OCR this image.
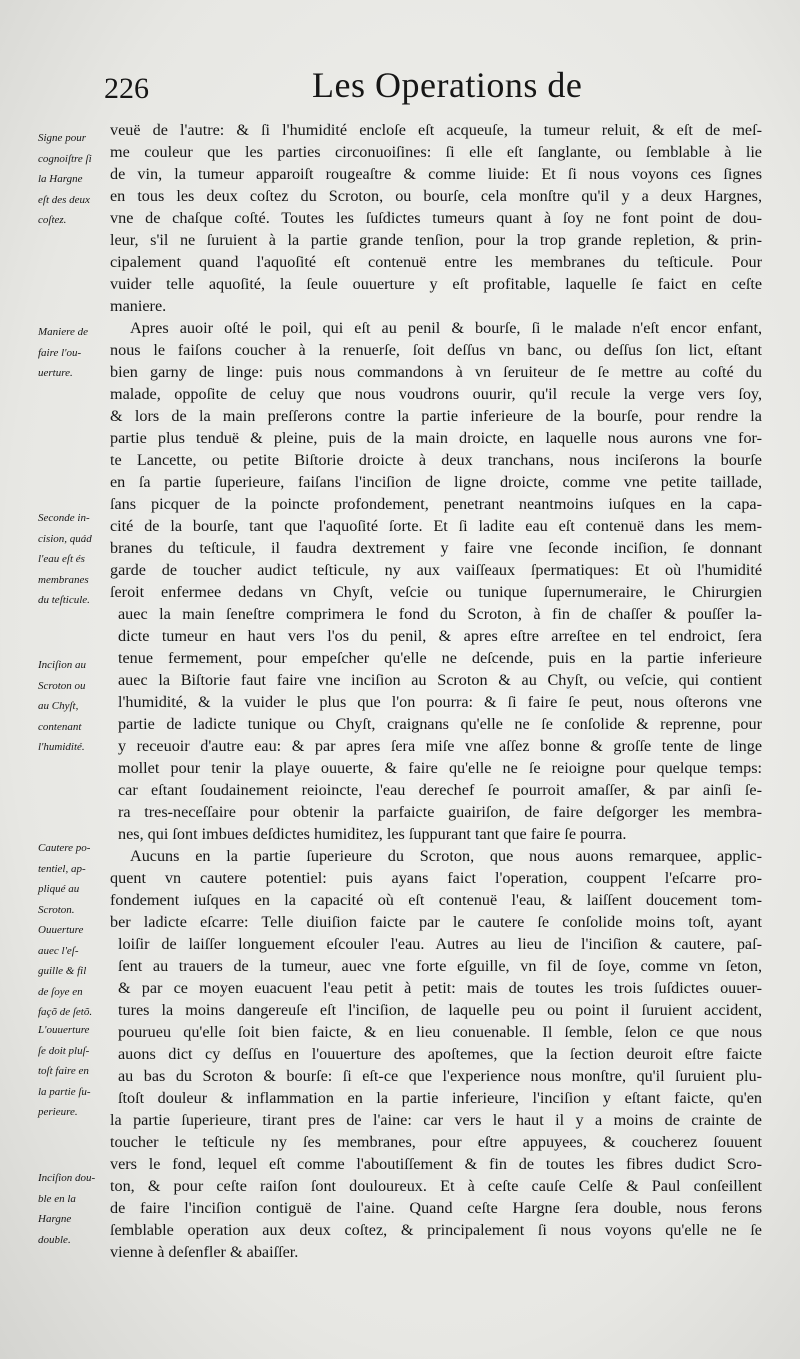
226	Les Operations de
Signe pour
cognoiſtre ſi
la Hargne
eſt des deux
coſtez.
Maniere de
faire l'ou-
uerture.
Seconde in-
cision, quád
l'eau eſt és
membranes
du teſticule.
Inciſion au
Scroton ou
au Chyſt,
contenant
l'humidité.
Cautere po-
tentiel, ap-
pliqué au
Scroton.
Ouuerture
auec l'eſ-
guille & fil
de ſoye en
façõ de ſetõ.
L'ouuerture
ſe doit pluſ-
toſt faire en
la partie ſu-
perieure.
Inciſion dou-
ble en la
Hargne
double.
veuë de l'autre: & ſi l'humidité encloſe eſt acqueuſe, la tumeur reluit, & eſt de meſ-
me couleur que les parties circonuoiſines: ſi elle eſt ſanglante, ou ſemblable à lie
de vin, la tumeur apparoiſt rougeaſtre & comme liuide: Et ſi nous voyons ces ſignes
en tous les deux coſtez du Scroton, ou bourſe, cela monſtre qu'il y a deux Hargnes,
vne de chaſque coſté. Toutes les ſuſdictes tumeurs quant à ſoy ne font point de dou-
leur, s'il ne ſuruient à la partie grande tenſion, pour la trop grande repletion, & prin-
cipalement quand l'aquoſité eſt contenuë entre les membranes du teſticule. Pour
vuider telle aquoſité, la ſeule ouuerture y eſt profitable, laquelle ſe faict en ceſte
maniere.
Apres auoir oſté le poil, qui eſt au penil & bourſe, ſi le malade n'eſt encor enfant,
nous le faiſons coucher à la renuerſe, ſoit deſſus vn banc, ou deſſus ſon lict, eſtant
bien garny de linge: puis nous commandons à vn ſeruiteur de ſe mettre au coſté du
malade, oppoſite de celuy que nous voudrons ouurir, qu'il recule la verge vers ſoy,
& lors de la main preſſerons contre la partie inferieure de la bourſe, pour rendre la
partie plus tenduë & pleine, puis de la main droicte, en laquelle nous aurons vne for-
te Lancette, ou petite Biſtorie droicte à deux tranchans, nous inciſerons la bourſe
en ſa partie ſuperieure, faiſans l'inciſion de ligne droicte, comme vne petite taillade,
ſans picquer de la poincte profondement, penetrant neantmoins iuſques en la capa-
cité de la bourſe, tant que l'aquoſité ſorte. Et ſi ladite eau eſt contenuë dans les mem-
branes du teſticule, il faudra dextrement y faire vne ſeconde inciſion, ſe donnant
garde de toucher audict teſticule, ny aux vaiſſeaux ſpermatiques: Et où l'humidité
ſeroit enfermee dedans vn Chyſt, veſcie ou tunique ſupernumeraire, le Chirurgien
auec la main ſeneſtre comprimera le fond du Scroton, à fin de chaſſer & pouſſer la-
dicte tumeur en haut vers l'os du penil, & apres eſtre arreſtee en tel endroict, ſera
tenue fermement, pour empeſcher qu'elle ne deſcende, puis en la partie inferieure
auec la Biſtorie faut faire vne inciſion au Scroton & au Chyſt, ou veſcie, qui contient
l'humidité, & la vuider le plus que l'on pourra: & ſi faire ſe peut, nous oſterons vne
partie de ladicte tunique ou Chyſt, craignans qu'elle ne ſe conſolide & reprenne, pour
y receuoir d'autre eau: & par apres ſera miſe vne aſſez bonne & groſſe tente de linge
mollet pour tenir la playe ouuerte, & faire qu'elle ne ſe reioigne pour quelque temps:
car eſtant ſoudainement reioincte, l'eau derechef ſe pourroit amaſſer, & par ainſi ſe-
ra tres-neceſſaire pour obtenir la parfaicte guairiſon, de faire deſgorger les membra-
nes, qui ſont imbues deſdictes humiditez, les ſuppurant tant que faire ſe pourra.
Aucuns en la partie ſuperieure du Scroton, que nous auons remarquee, applic-
quent vn cautere potentiel: puis ayans faict l'operation, couppent l'eſcarre pro-
fondement iuſques en la capacité où eſt contenuë l'eau, & laiſſent doucement tom-
ber ladicte eſcarre: Telle diuiſion faicte par le cautere ſe conſolide moins toſt, ayant
loiſir de laiſſer longuement eſcouler l'eau. Autres au lieu de l'inciſion & cautere, paſ-
ſent au trauers de la tumeur, auec vne forte eſguille, vn fil de ſoye, comme vn ſeton,
& par ce moyen euacuent l'eau petit à petit: mais de toutes les trois ſuſdictes ouuer-
tures la moins dangereuſe eſt l'inciſion, de laquelle peu ou point il ſuruient accident,
pourueu qu'elle ſoit bien faicte, & en lieu conuenable. Il ſemble, ſelon ce que nous
auons dict cy deſſus en l'ouuerture des apoſtemes, que la ſection deuroit eſtre faicte
au bas du Scroton & bourſe: ſi eſt-ce que l'experience nous monſtre, qu'il ſuruient plu-
ſtoſt douleur & inflammation en la partie inferieure, l'inciſion y eſtant faicte, qu'en
la partie ſuperieure, tirant pres de l'aine: car vers le haut il y a moins de crainte de
toucher le teſticule ny ſes membranes, pour eſtre appuyees, & coucherez ſouuent
vers le fond, lequel eſt comme l'aboutiſſement & fin de toutes les fibres dudict Scro-
ton, & pour ceſte raiſon ſont douloureux. Et à ceſte cauſe Celſe & Paul conſeillent
de faire l'inciſion contiguë de l'aine. Quand ceſte Hargne ſera double, nous ferons
ſemblable operation aux deux coſtez, & principalement ſi nous voyons qu'elle ne ſe
vienne à deſenfler & abaiſſer.
